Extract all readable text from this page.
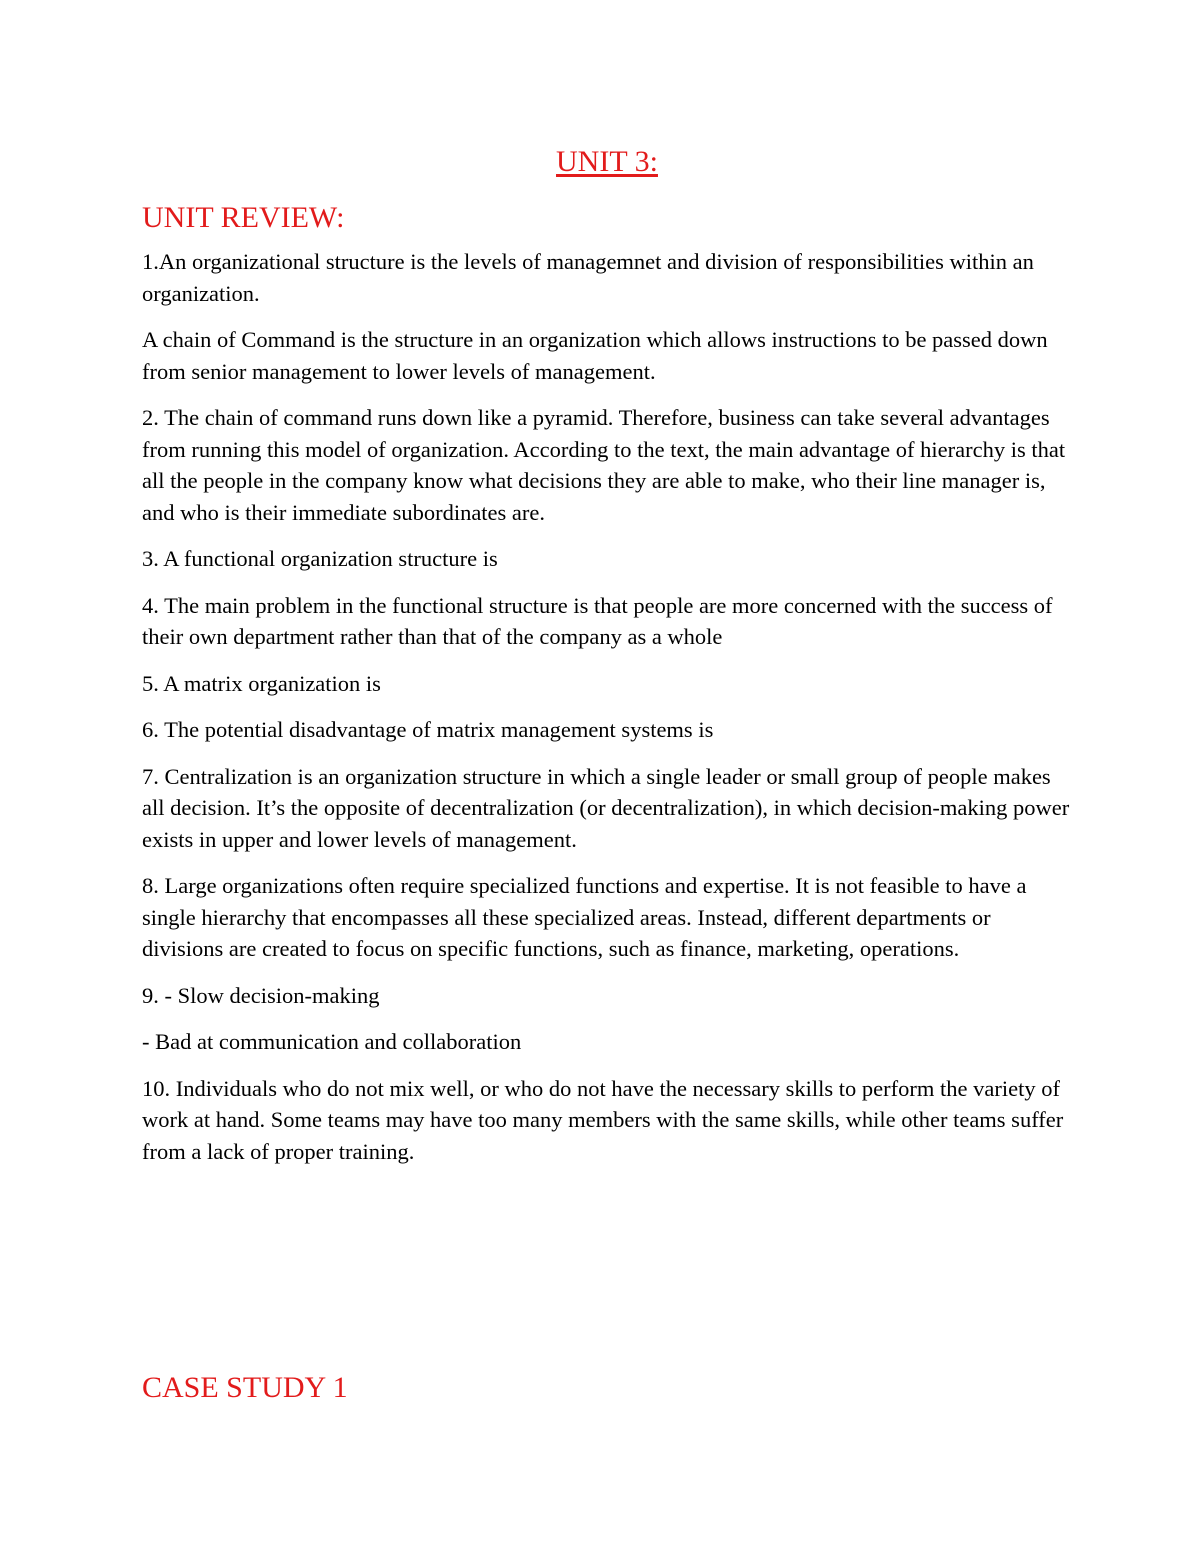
UNIT 3:
UNIT REVIEW:

1.An organizational structure is the levels of managemnet and division of responsibilities within an organization.

A chain of Command is the structure in an organization which allows instructions to be passed down from senior management to lower levels of management.

2. The chain of command runs down like a pyramid. Therefore, business can take several advantages from running this model of organization. According to the text, the main advantage of hierarchy is that all the people in the company know what decisions they are able to make, who their line manager is, and who is their immediate subordinates are.

3. A functional organization structure is

4. The main problem in the functional structure is that people are more concerned with the success of their own department rather than that of the company as a whole

5. A matrix organization is

6. The potential disadvantage of matrix management systems is

7. Centralization is an organization structure in which a single leader or small group of people makes all decision. It’s the opposite of decentralization (or decentralization), in which decision-making power exists in upper and lower levels of management.

8. Large organizations often require specialized functions and expertise. It is not feasible to have a single hierarchy that encompasses all these specialized areas. Instead, different departments or divisions are created to focus on specific functions, such as finance, marketing, operations.

9. - Slow decision-making

- Bad at communication and collaboration

10. Individuals who do not mix well, or who do not have the necessary skills to perform the variety of work at hand. Some teams may have too many members with the same skills, while other teams suffer from a lack of proper training.

CASE STUDY 1
